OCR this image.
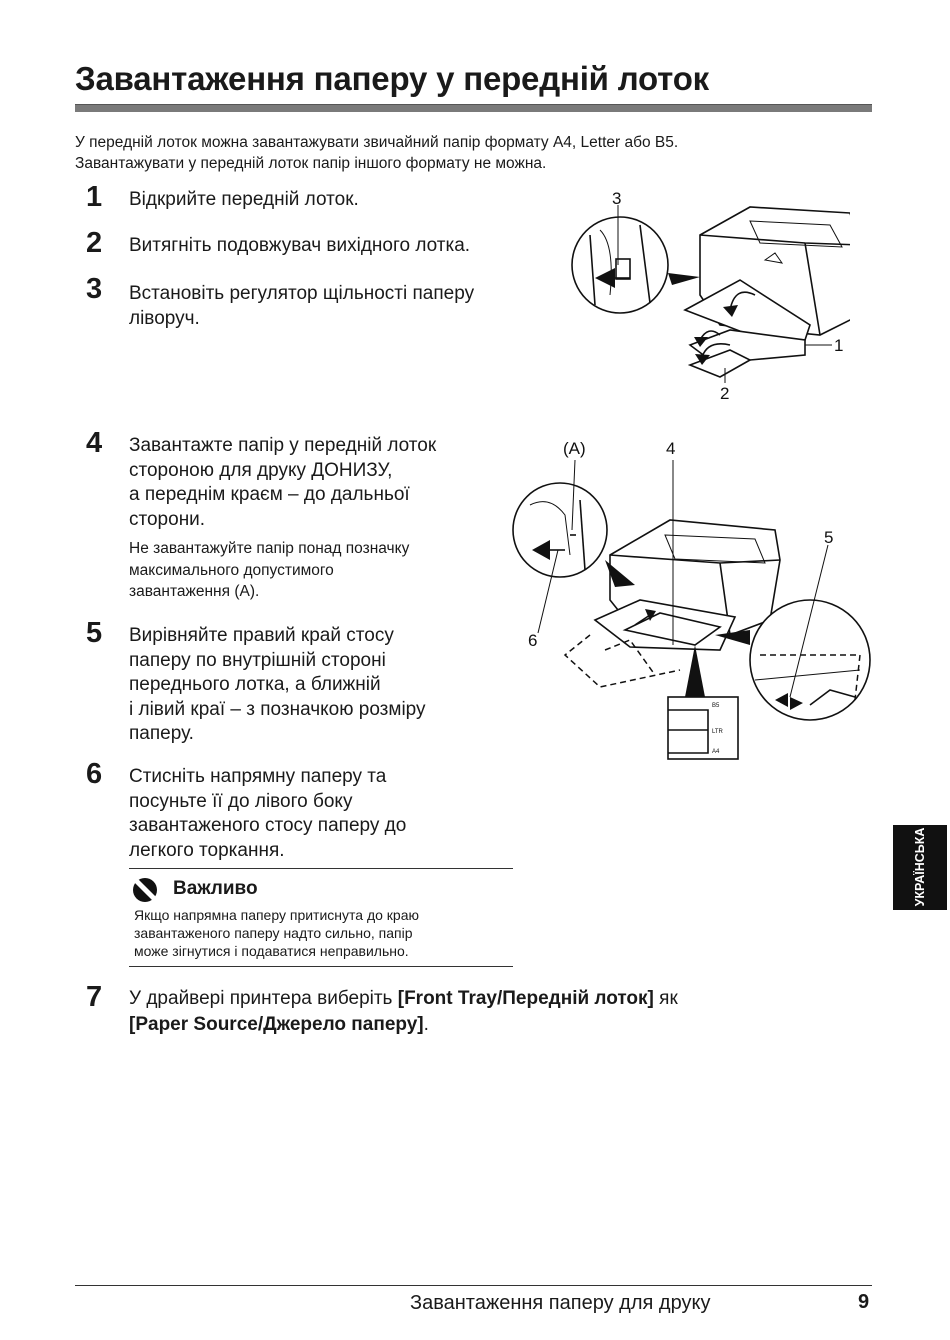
Завантаження паперу у передній лоток
У передній лоток можна завантажувати звичайний папір формату A4, Letter або B5.
Завантажувати у передній лоток папір іншого формату не можна.
1 Відкрийте передній лоток.
2 Витягніть подовжувач вихідного лотка.
3 Встановіть регулятор щільності паперу
ліворуч.
4 Завантажте папір у передній лоток
стороною для друку ДОНИЗУ,
а переднім краєм – до дальньої
сторони.
Не завантажуйте папір понад позначку
максимального допустимого
завантаження (A).
5 Вирівняйте правий край стосу
паперу по внутрішній стороні
переднього лотка, а ближній
і лівий краї – з позначкою розміру
паперу.
6 Стисніть напрямну паперу та
посуньте її до лівого боку
завантаженого стосу паперу до
легкого торкання.
Важливо
Якщо напрямна паперу притиснута до краю
завантаженого паперу надто сильно, папір
може зігнутися і подаватися неправильно.
7 У драйвері принтера виберіть [Front Tray/Передній лоток] як
[Paper Source/Джерело паперу].
3
1
2
B5
LTR
A4
(A)	4
5
6
УКРАЇНСЬКА
Завантаження паперу для друку	9
